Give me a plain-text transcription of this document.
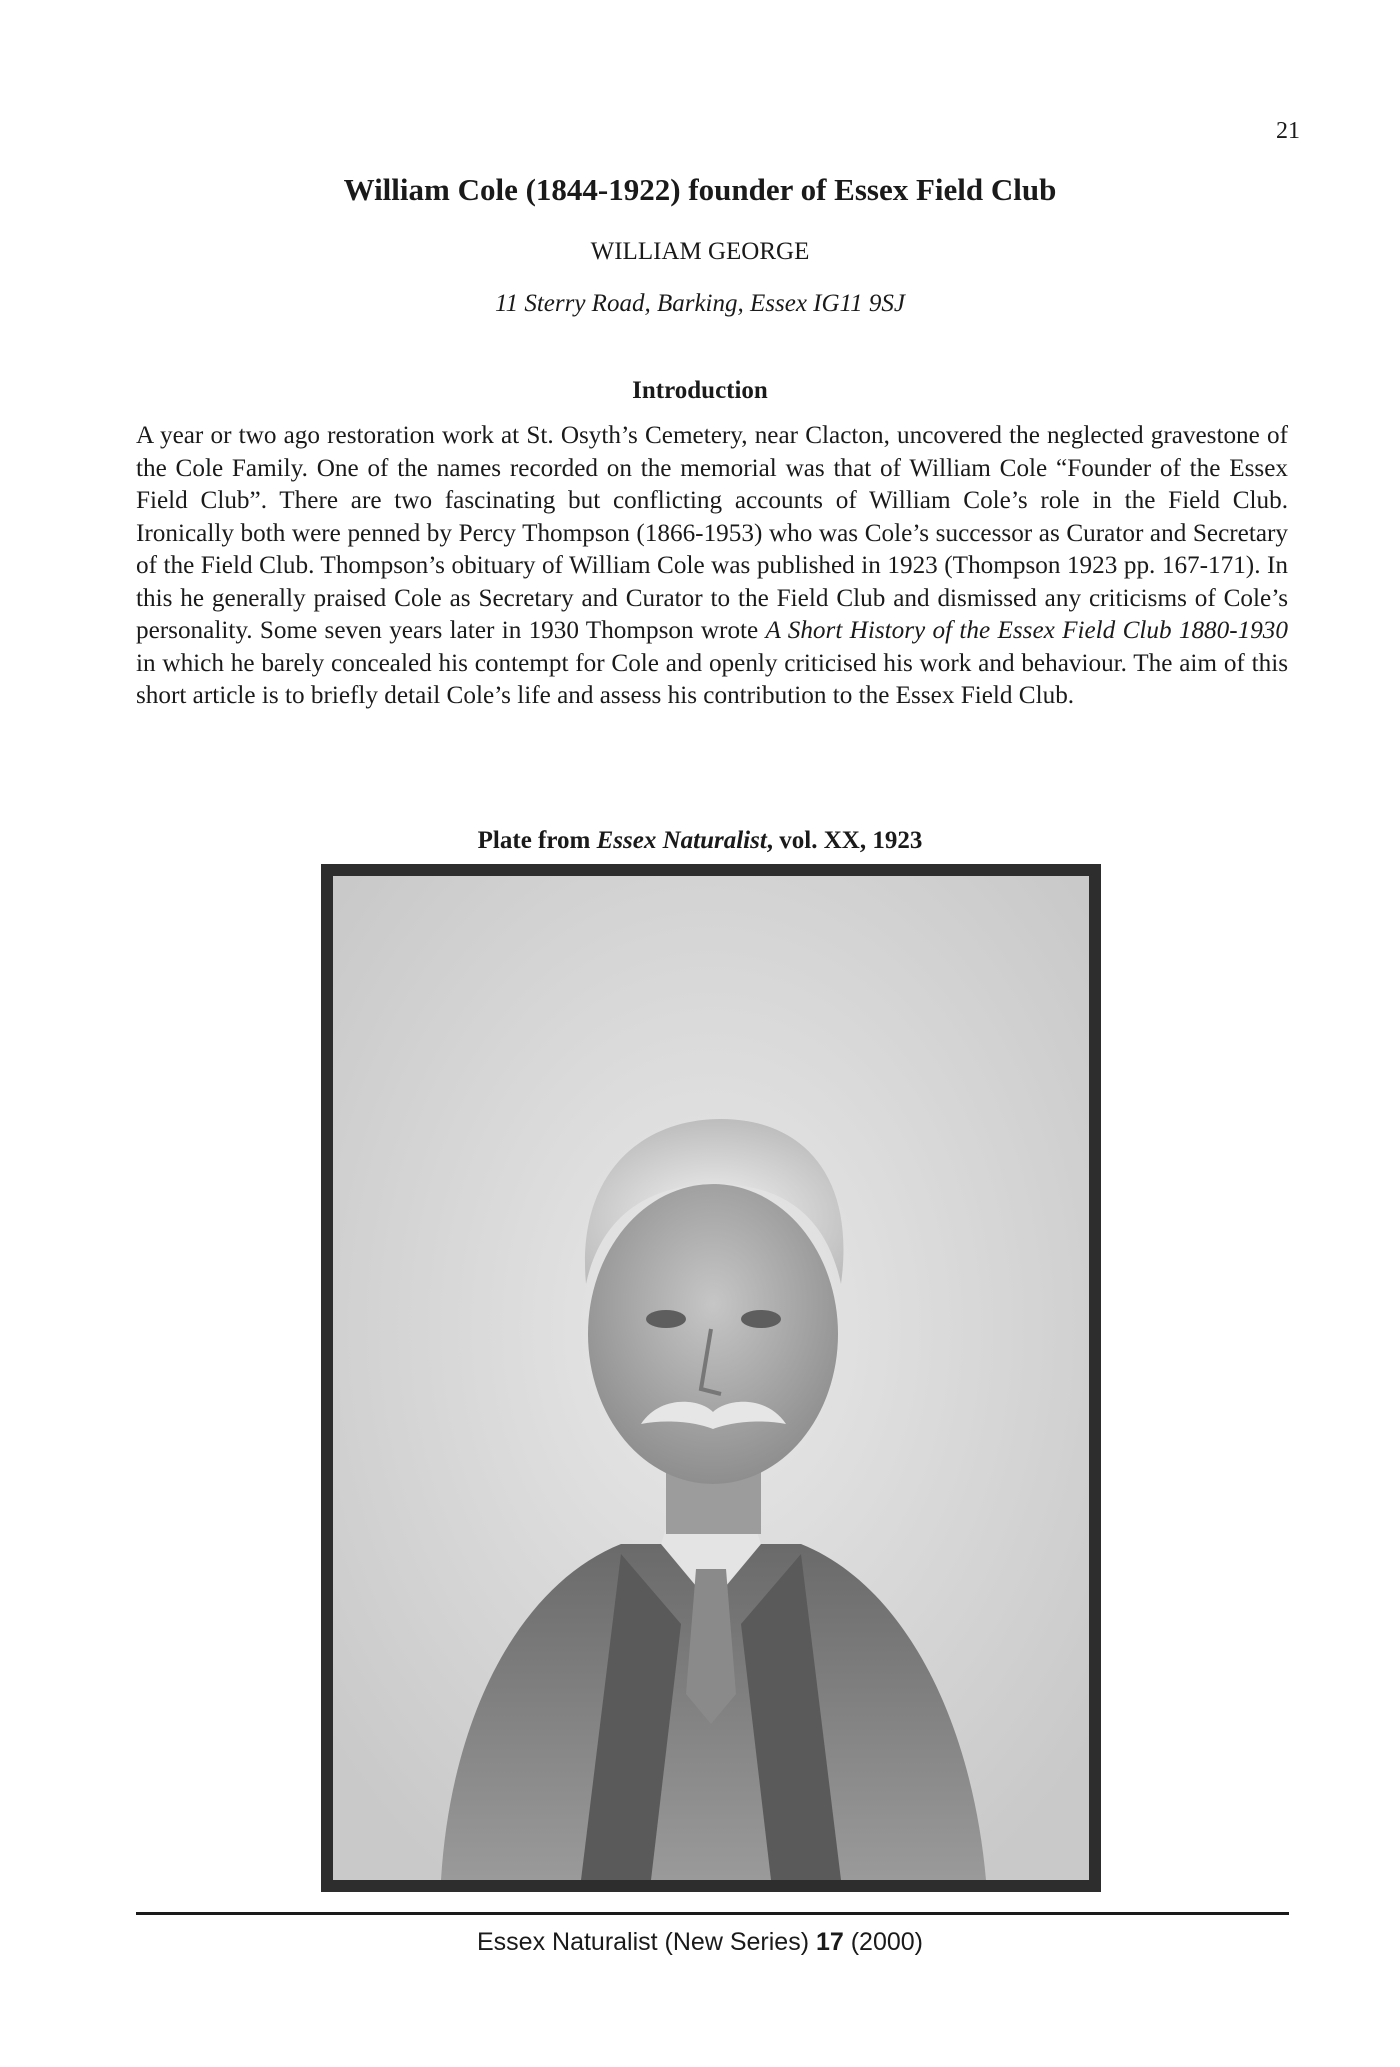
21
William Cole (1844-1922) founder of Essex Field Club
WILLIAM GEORGE
11 Sterry Road, Barking, Essex IG11 9SJ
Introduction

A year or two ago restoration work at St. Osyth’s Cemetery, near Clacton, uncovered the neglected gravestone of the Cole Family. One of the names recorded on the memorial was that of William Cole “Founder of the Essex Field Club”. There are two fascinating but conflicting accounts of William Cole’s role in the Field Club. Ironically both were penned by Percy Thompson (1866-1953) who was Cole’s successor as Curator and Secretary of the Field Club. Thompson’s obituary of William Cole was published in 1923 (Thompson 1923 pp. 167-171). In this he generally praised Cole as Secretary and Curator to the Field Club and dismissed any criticisms of Cole’s personality. Some seven years later in 1930 Thompson wrote A Short History of the Essex Field Club 1880-1930 in which he barely concealed his contempt for Cole and openly criticised his work and behaviour. The aim of this short article is to briefly detail Cole’s life and assess his contribution to the Essex Field Club.

Plate from Essex Naturalist, vol. XX, 1923
Essex Naturalist (New Series) 17 (2000)
